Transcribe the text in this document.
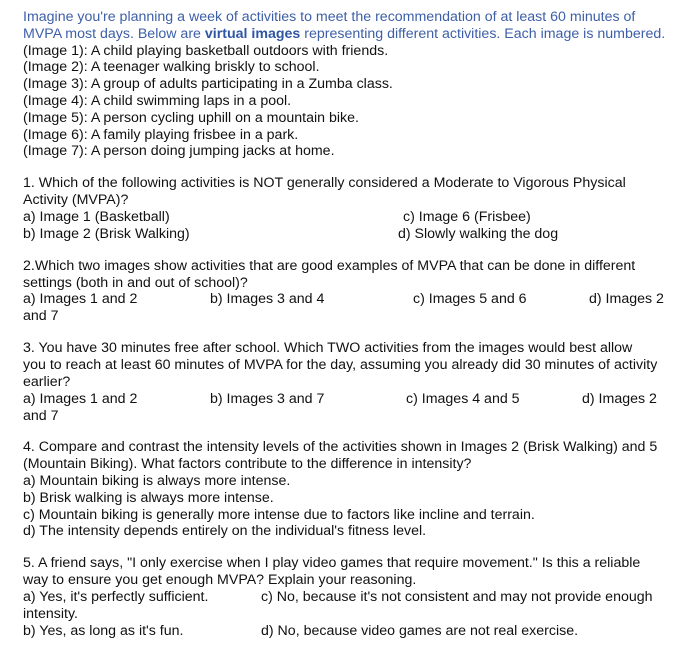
Imagine you're planning a week of activities to meet the recommendation of at least 60 minutes of
MVPA most days. Below are virtual images representing different activities. Each image is numbered.
(Image 1): A child playing basketball outdoors with friends.
(Image 2): A teenager walking briskly to school.
(Image 3): A group of adults participating in a Zumba class.
(Image 4): A child swimming laps in a pool.
(Image 5): A person cycling uphill on a mountain bike.
(Image 6): A family playing frisbee in a park.
(Image 7): A person doing jumping jacks at home.
1. Which of the following activities is NOT generally considered a Moderate to Vigorous Physical
Activity (MVPA)?
a) Image 1 (Basketball)	c) Image 6 (Frisbee)
b) Image 2 (Brisk Walking)	d) Slowly walking the dog
2.Which two images show activities that are good examples of MVPA that can be done in different
settings (both in and out of school)?
a) Images 1 and 2	b) Images 3 and 4	c) Images 5 and 6	d) Images 2
and 7
3. You have 30 minutes free after school. Which TWO activities from the images would best allow
you to reach at least 60 minutes of MVPA for the day, assuming you already did 30 minutes of activity
earlier?
a) Images 1 and 2	b) Images 3 and 7	c) Images 4 and 5	d) Images 2
and 7
4. Compare and contrast the intensity levels of the activities shown in Images 2 (Brisk Walking) and 5
(Mountain Biking). What factors contribute to the difference in intensity?
a) Mountain biking is always more intense.
b) Brisk walking is always more intense.
c) Mountain biking is generally more intense due to factors like incline and terrain.
d) The intensity depends entirely on the individual's fitness level.
5. A friend says, "I only exercise when I play video games that require movement." Is this a reliable
way to ensure you get enough MVPA? Explain your reasoning.
a) Yes, it's perfectly sufficient.	c) No, because it's not consistent and may not provide enough
intensity.
b) Yes, as long as it's fun.	d) No, because video games are not real exercise.
